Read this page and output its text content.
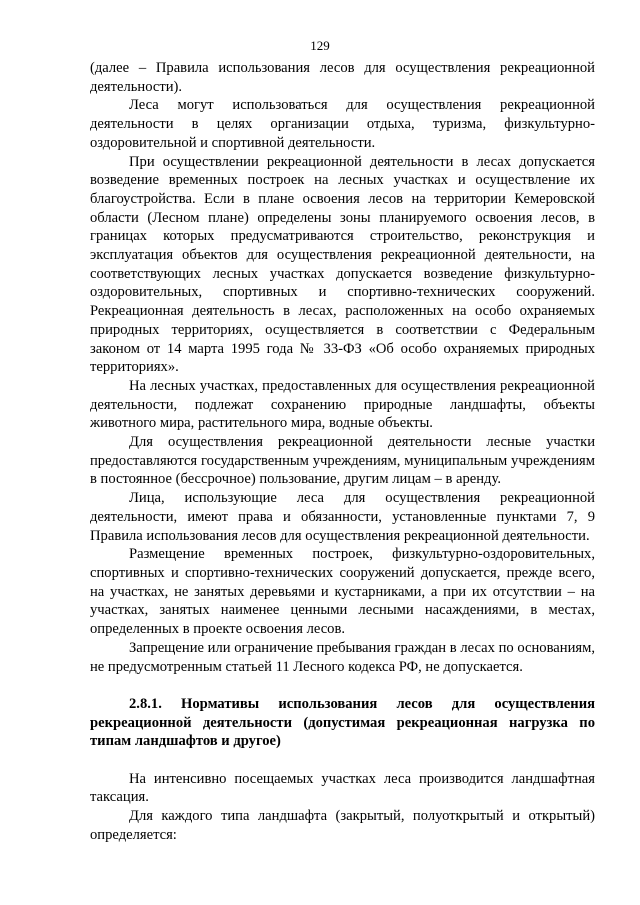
129

(далее – Правила использования лесов для осуществления рекреационной деятельности).

Леса могут использоваться для осуществления рекреационной деятельности в целях организации отдыха, туризма, физкультурно-оздоровительной и спортивной деятельности.

При осуществлении рекреационной деятельности в лесах допускается возведение временных построек на лесных участках и осуществление их благоустройства. Если в плане освоения лесов на территории Кемеровской области (Лесном плане) определены зоны планируемого освоения лесов, в границах которых предусматриваются строительство, реконструкция и эксплуатация объектов для осуществления рекреационной деятельности, на соответствующих лесных участках допускается возведение физкультурно-оздоровительных, спортивных и спортивно-технических сооружений. Рекреационная деятельность в лесах, расположенных на особо охраняемых природных территориях, осуществляется в соответствии с Федеральным законом от 14 марта 1995 года № 33-ФЗ «Об особо охраняемых природных территориях».

На лесных участках, предоставленных для осуществления рекреационной деятельности, подлежат сохранению природные ландшафты, объекты животного мира, растительного мира, водные объекты.

Для осуществления рекреационной деятельности лесные участки предоставляются государственным учреждениям, муниципальным учреждениям в постоянное (бессрочное) пользование, другим лицам – в аренду.

Лица, использующие леса для осуществления рекреационной деятельности, имеют права и обязанности, установленные пунктами 7, 9 Правила использования лесов для осуществления рекреационной деятельности.

Размещение временных построек, физкультурно-оздоровительных, спортивных и спортивно-технических сооружений допускается, прежде всего, на участках, не занятых деревьями и кустарниками, а при их отсутствии – на участках, занятых наименее ценными лесными насаждениями, в местах, определенных в проекте освоения лесов.

Запрещение или ограничение пребывания граждан в лесах по основаниям, не предусмотренным статьей 11 Лесного кодекса РФ, не допускается.

2.8.1. Нормативы использования лесов для осуществления рекреационной деятельности (допустимая рекреационная нагрузка по типам ландшафтов и другое)

На интенсивно посещаемых участках леса производится ландшафтная таксация.

Для каждого типа ландшафта (закрытый, полуоткрытый и открытый) определяется:
